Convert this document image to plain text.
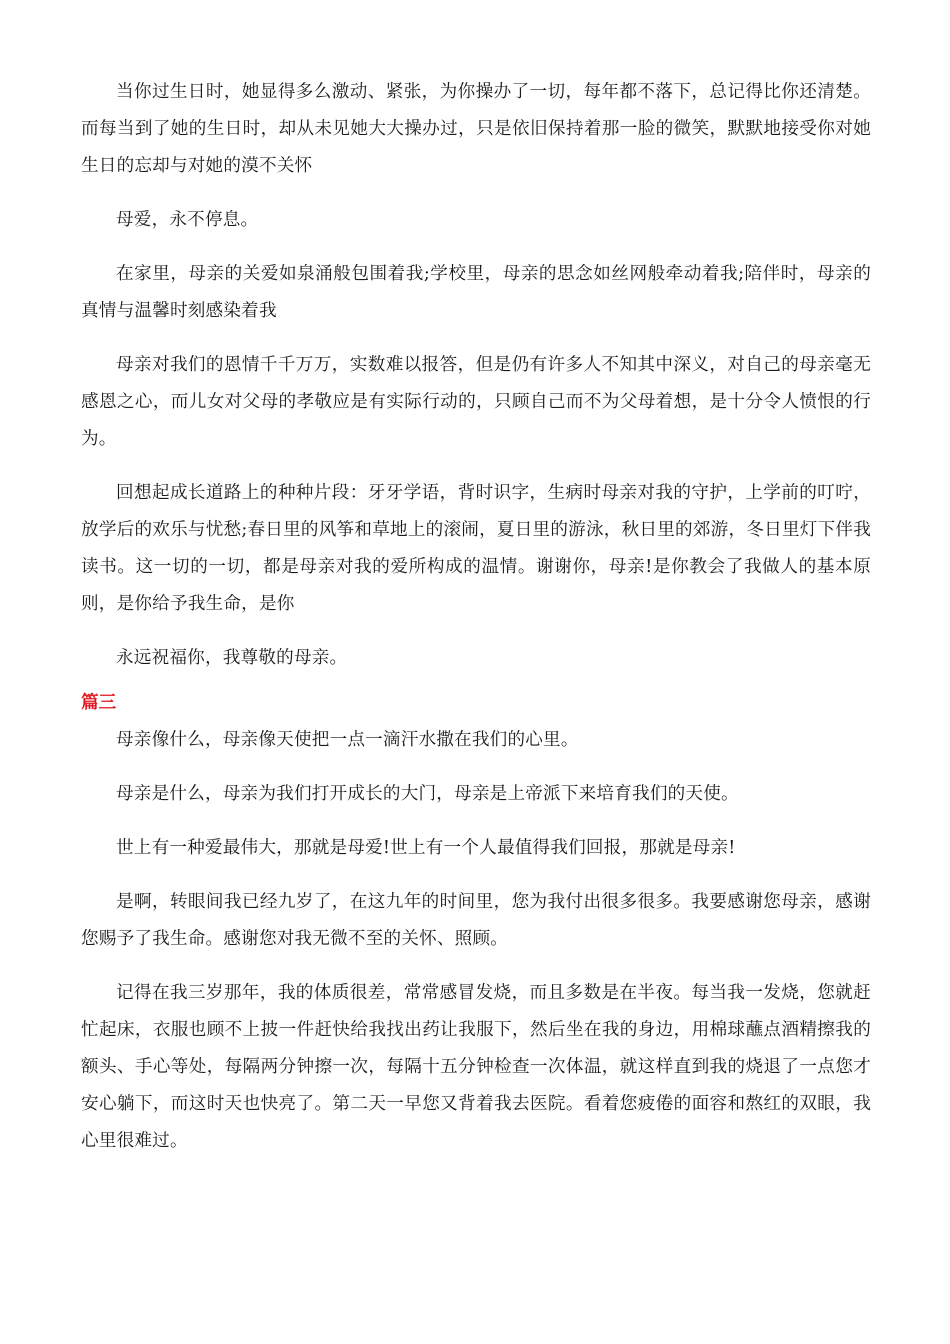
当你过生日时，她显得多么激动、紧张，为你操办了一切，每年都不落下，总记得比你还清楚。而每当到了她的生日时，却从未见她大大操办过，只是依旧保持着那一脸的微笑，默默地接受你对她生日的忘却与对她的漠不关怀

母爱，永不停息。

在家里，母亲的关爱如泉涌般包围着我;学校里，母亲的思念如丝网般牵动着我;陪伴时，母亲的真情与温馨时刻感染着我

母亲对我们的恩情千千万万，实数难以报答，但是仍有许多人不知其中深义，对自己的母亲毫无感恩之心，而儿女对父母的孝敬应是有实际行动的，只顾自己而不为父母着想，是十分令人愤恨的行为。

回想起成长道路上的种种片段：牙牙学语，背时识字，生病时母亲对我的守护，上学前的叮咛，放学后的欢乐与忧愁;春日里的风筝和草地上的滚闹，夏日里的游泳，秋日里的郊游，冬日里灯下伴我读书。这一切的一切，都是母亲对我的爱所构成的温情。谢谢你，母亲!是你教会了我做人的基本原则，是你给予我生命，是你

永远祝福你，我尊敬的母亲。

篇三

母亲像什么，母亲像天使把一点一滴汗水撒在我们的心里。

母亲是什么，母亲为我们打开成长的大门，母亲是上帝派下来培育我们的天使。

世上有一种爱最伟大，那就是母爱!世上有一个人最值得我们回报，那就是母亲!

是啊，转眼间我已经九岁了，在这九年的时间里，您为我付出很多很多。我要感谢您母亲，感谢您赐予了我生命。感谢您对我无微不至的关怀、照顾。

记得在我三岁那年，我的体质很差，常常感冒发烧，而且多数是在半夜。每当我一发烧，您就赶忙起床，衣服也顾不上披一件赶快给我找出药让我服下，然后坐在我的身边，用棉球蘸点酒精擦我的额头、手心等处，每隔两分钟擦一次，每隔十五分钟检查一次体温，就这样直到我的烧退了一点您才安心躺下，而这时天也快亮了。第二天一早您又背着我去医院。看着您疲倦的面容和熬红的双眼，我心里很难过。
